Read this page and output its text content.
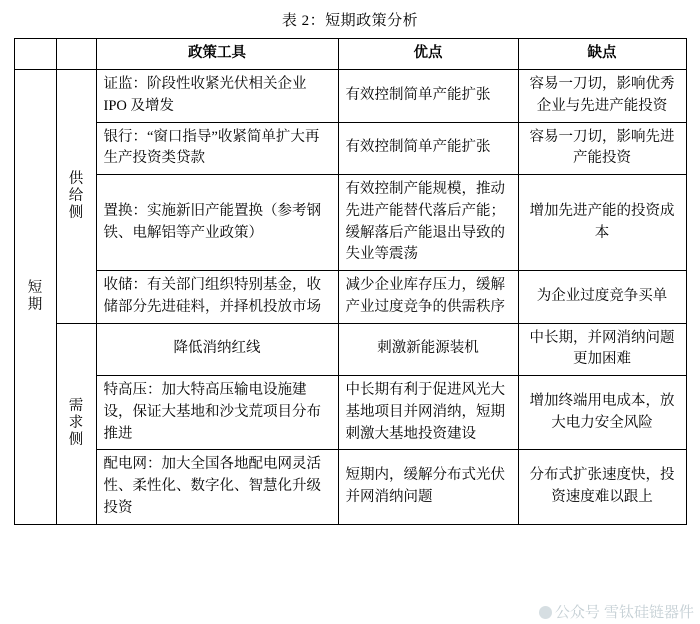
表 2：短期政策分析
		政策工具	优点	缺点

短期	供给侧	证监：阶段性收紧光伏相关企业 IPO 及增发	有效控制简单产能扩张	容易一刀切，影响优秀企业与先进产能投资
		银行：“窗口指导”收紧简单扩大再生产投资类贷款	有效控制简单产能扩张	容易一刀切，影响先进产能投资
		置换：实施新旧产能置换（参考钢铁、电解铝等产业政策）	有效控制产能规模，推动先进产能替代落后产能；缓解落后产能退出导致的失业等震荡	增加先进产能的投资成本
		收储：有关部门组织特别基金，收储部分先进硅料，并择机投放市场	减少企业库存压力，缓解产业过度竞争的供需秩序	为企业过度竞争买单

	需求侧	降低消纳红线	刺激新能源装机	中长期，并网消纳问题更加困难
		特高压：加大特高压输电设施建设，保证大基地和沙戈荒项目分布推进	中长期有利于促进风光大基地项目并网消纳，短期刺激大基地投资建设	增加终端用电成本，放大电力安全风险
		配电网：加大全国各地配电网灵活性、柔性化、数字化、智慧化升级投资	短期内，缓解分布式光伏并网消纳问题	分布式扩张速度快，投资速度难以跟上
公众号 雪钛硅链器件
